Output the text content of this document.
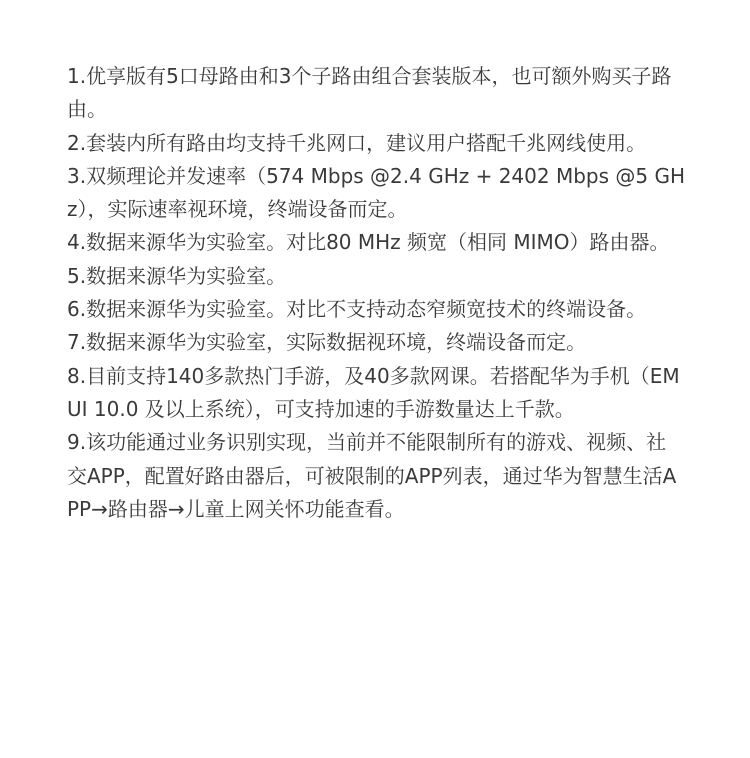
1.优享版有5口母路由和3个子路由组合套装版本，也可额外购买子路由。

2.套装内所有路由均支持千兆网口，建议用户搭配千兆网线使用。

3.双频理论并发速率（574 Mbps @2.4 GHz + 2402 Mbps @5 GHz），实际速率视环境，终端设备而定。

4.数据来源华为实验室。对比80 MHz 频宽（相同 MIMO）路由器。

5.数据来源华为实验室。

6.数据来源华为实验室。对比不支持动态窄频宽技术的终端设备。

7.数据来源华为实验室，实际数据视环境，终端设备而定。

8.目前支持140多款热门手游，及40多款网课。若搭配华为手机（EMUI 10.0 及以上系统），可支持加速的手游数量达上千款。

9.该功能通过业务识别实现，当前并不能限制所有的游戏、视频、社交APP，配置好路由器后，可被限制的APP列表，通过华为智慧生活APP→路由器→儿童上网关怀功能查看。
